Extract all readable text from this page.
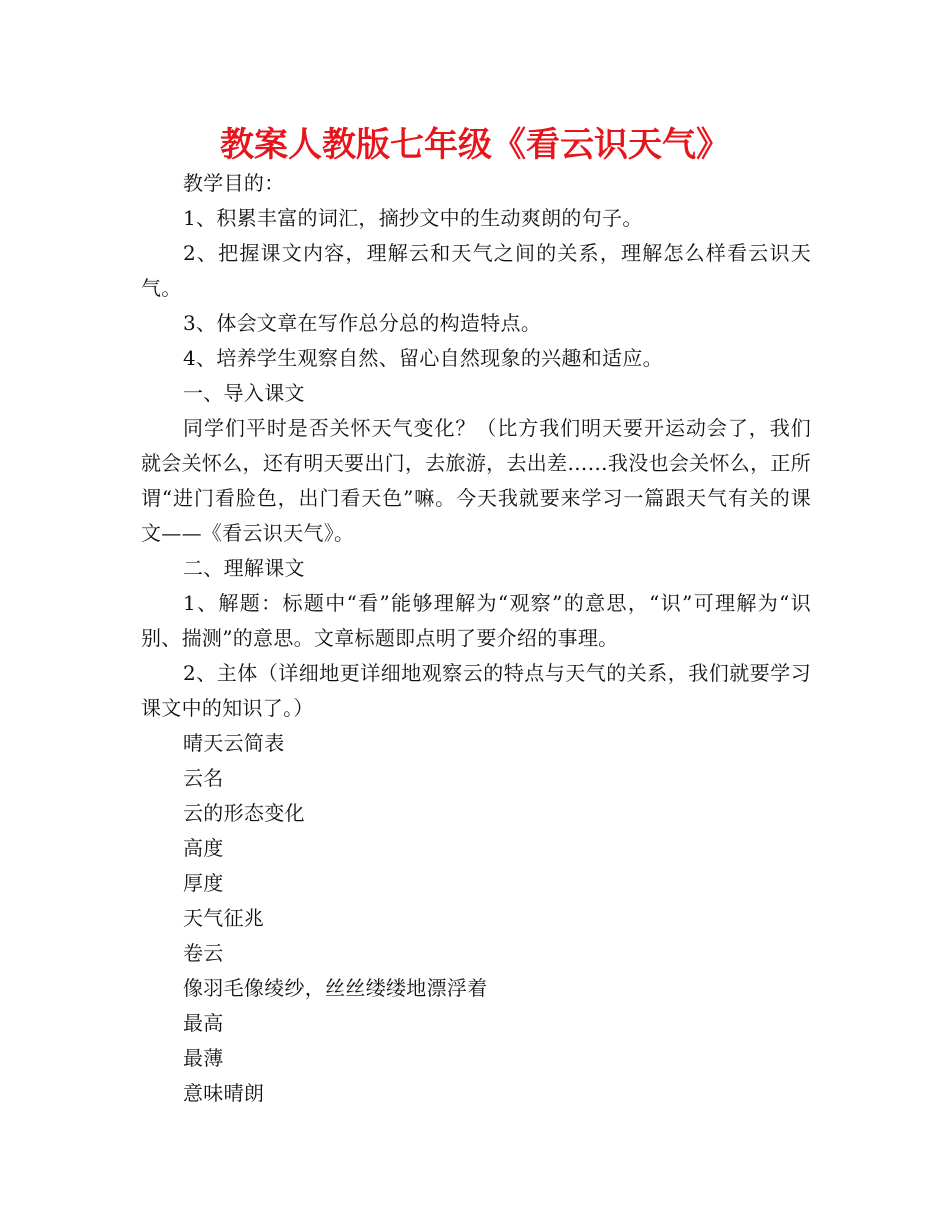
教案人教版七年级《看云识天气》

教学目的：

1、积累丰富的词汇，摘抄文中的生动爽朗的句子。

2、把握课文内容，理解云和天气之间的关系，理解怎么样看云识天气。

3、体会文章在写作总分总的构造特点。

4、培养学生观察自然、留心自然现象的兴趣和适应。

一、导入课文

同学们平时是否关怀天气变化？（比方我们明天要开运动会了，我们就会关怀么，还有明天要出门，去旅游，去出差……我没也会关怀么，正所谓“进门看脸色，出门看天色”嘛。今天我就要来学习一篇跟天气有关的课文——《看云识天气》。

二、理解课文

1、解题：标题中“看”能够理解为“观察”的意思，“识”可理解为“识别、揣测”的意思。文章标题即点明了要介绍的事理。

2、主体（详细地更详细地观察云的特点与天气的关系，我们就要学习课文中的知识了。）

晴天云简表

云名

云的形态变化

高度

厚度

天气征兆

卷云

像羽毛像绫纱，丝丝缕缕地漂浮着

最高

最薄

意味晴朗
